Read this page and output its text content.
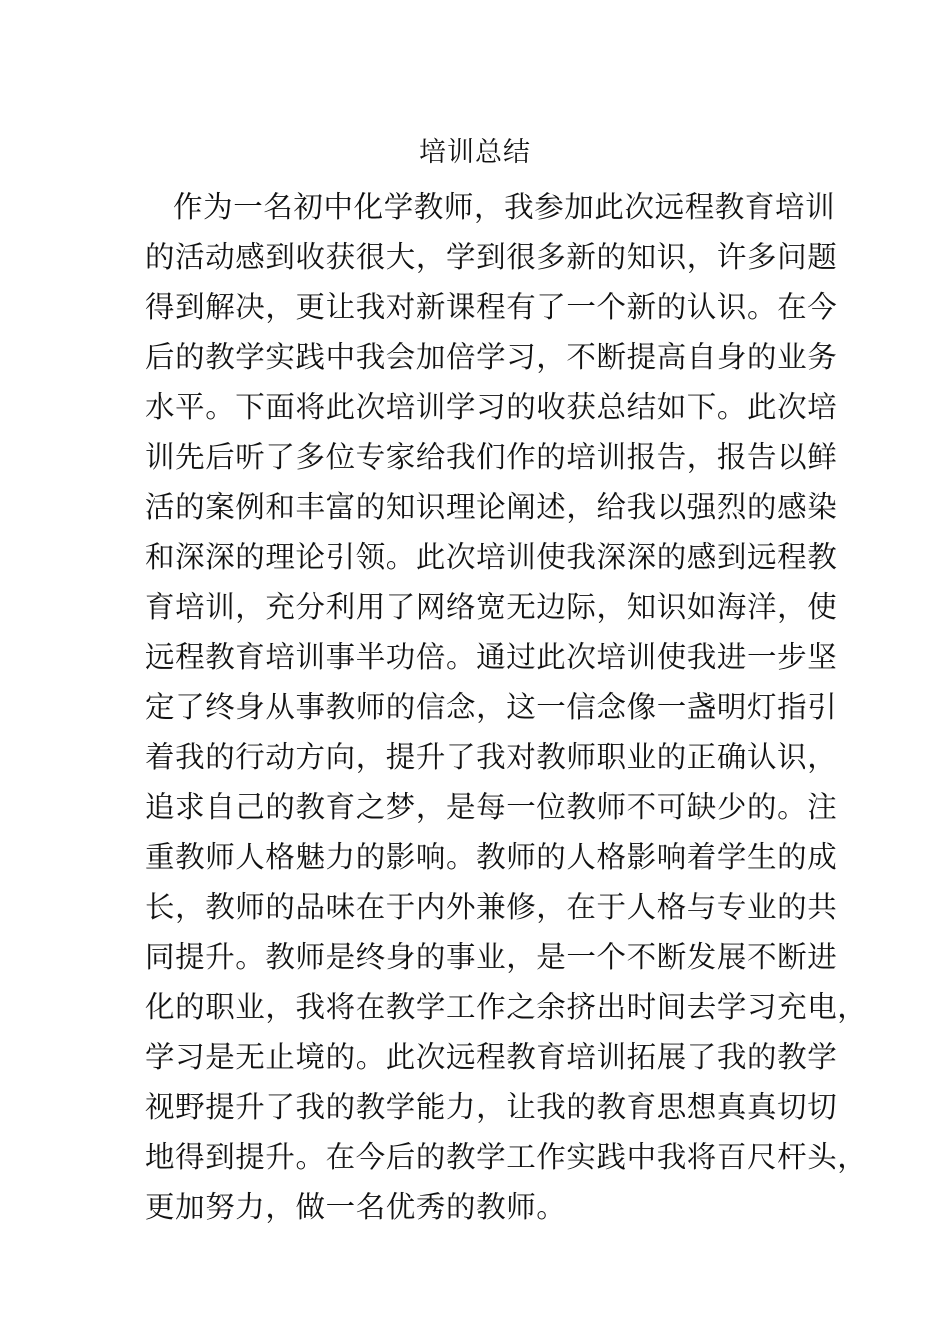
培训总结
作为一名初中化学教师，我参加此次远程教育培训
的活动感到收获很大，学到很多新的知识，许多问题
得到解决，更让我对新课程有了一个新的认识。在今
后的教学实践中我会加倍学习，不断提高自身的业务
水平。下面将此次培训学习的收获总结如下。此次培
训先后听了多位专家给我们作的培训报告，报告以鲜
活的案例和丰富的知识理论阐述，给我以强烈的感染
和深深的理论引领。此次培训使我深深的感到远程教
育培训，充分利用了网络宽无边际，知识如海洋，使
远程教育培训事半功倍。通过此次培训使我进一步坚
定了终身从事教师的信念，这一信念像一盏明灯指引
着我的行动方向，提升了我对教师职业的正确认识，
追求自己的教育之梦，是每一位教师不可缺少的。注
重教师人格魅力的影响。教师的人格影响着学生的成
长，教师的品味在于内外兼修，在于人格与专业的共
同提升。教师是终身的事业，是一个不断发展不断进
化的职业，我将在教学工作之余挤出时间去学习充电，
学习是无止境的。此次远程教育培训拓展了我的教学
视野提升了我的教学能力，让我的教育思想真真切切
地得到提升。在今后的教学工作实践中我将百尺杆头，
更加努力，做一名优秀的教师。
